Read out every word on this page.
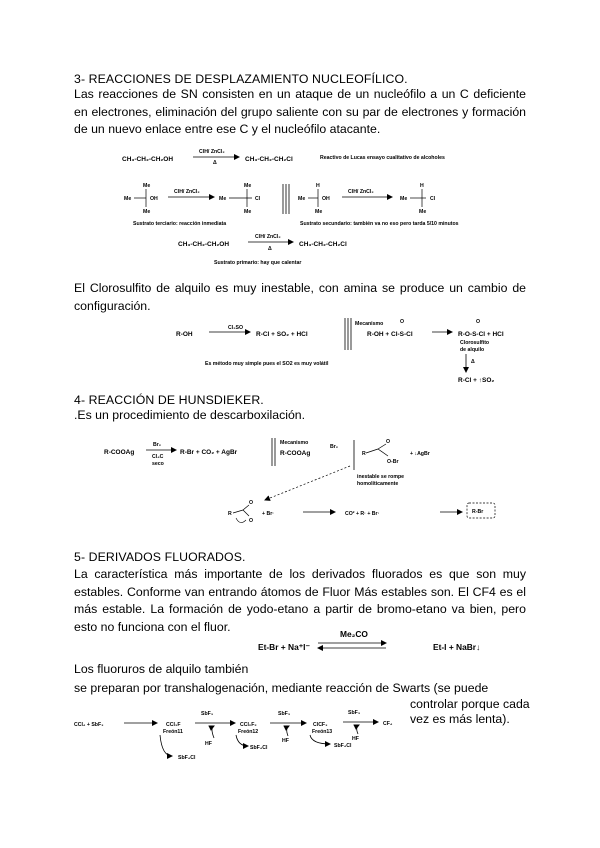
3- REACCIONES DE DESPLAZAMIENTO NUCLEOFÍLICO.
Las reacciones de SN consisten en un ataque de un nucleófilo a un C deficiente en electrones, eliminación del grupo saliente con su par de electrones y formación de un nuevo enlace entre ese C y el nucleófilo atacante.
El Clorosulfito de alquilo es muy inestable, con amina se produce un cambio de configuración.
4- REACCIÓN DE HUNSDIEKER.
.Es un procedimiento de descarboxilación.
5- DERIVADOS FLUORADOS.
La característica más importante de los derivados fluorados es que son muy estables. Conforme van entrando átomos de Fluor Más estables son. El CF4 es el más estable. La formación de yodo-etano a partir de bromo-etano va bien, pero esto no funciona con el fluor.
Los fluoruros de alquilo también
se preparan por transhalogenación, mediante reacción de Swarts (se puede
controlar porque cada
vez es más lenta).
CH₃-CH₂-CH₂OH
ClH/ ZnCl₂
Δ	CH₃-CH₂-CH₂Cl	Reactivo de Lucas ensayo cualitativo de alcoholes
Me
Me	OH
Me
ClH/ ZnCl₂
Me
Me	Cl
Me
Sustrato terciario: reacción inmediata
H
Me	OH
Me
ClH/ ZnCl₂
H
Me	Cl
Me
Sustrato secundario: también va no eso pero tarda 5/10 minutos
CH₃-CH₂-CH₂OH
ClH/ ZnCl₂
Δ
CH₃-CH₂-CH₂Cl
Sustrato primario: hay que calentar
R-OH
Cl₂SO
R-Cl + SO₂ + HCl
Mecanismo	O
R-OH + Cl-S-Cl
O
R-O-S-Cl + HCl
Clorosulfito
de alquilo
Δ
R-Cl + ↑SO₂
Es método muy simple pues el SO2 es muy volátil
R-COOAg
Br₂
Cl₄C
seco
R-Br + CO₂ + AgBr
Mecanismo
R-COOAg
Br₂
R
O
O-Br
+ ↓AgBr
inestable se rompe
homolíticamente
R
O
O
+ Br·	CO² + R· + Br·	R-Br
Et-Br + Na⁺I⁻
Me₂CO
Et-I + NaBr↓
CCl₄ + SbF₃	CCl₃F
Freón11
SbF₄Cl
SbF₃
HF
CCl₂F₂
Freón12
SbF₄Cl
SbF₃
HF
ClCF₃
Freón13
SbF₄Cl
SbF₃
HF
CF₄
